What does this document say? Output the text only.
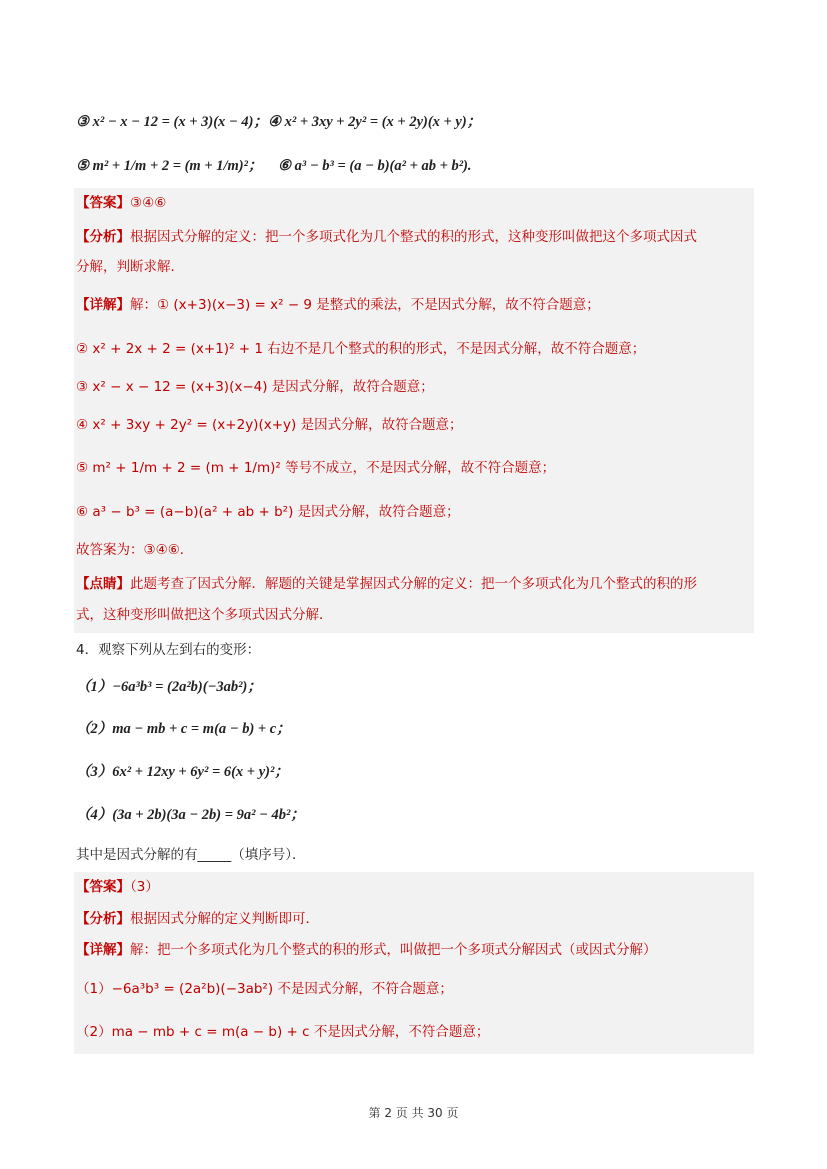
③ x² − x − 12 = (x + 3)(x − 4)； ④ x² + 3xy + 2y² = (x + 2y)(x + y)；
⑤ m² + 1/m + 2 = (m + 1/m)²； ⑥ a³ − b³ = (a − b)(a² + ab + b²).
【答案】③④⑥
【分析】根据因式分解的定义：把一个多项式化为几个整式的积的形式，这种变形叫做把这个多项式因式
分解，判断求解．
【详解】解：① (x+3)(x−3) = x² − 9 是整式的乘法，不是因式分解，故不符合题意；
② x² + 2x + 2 = (x+1)² + 1 右边不是几个整式的积的形式，不是因式分解，故不符合题意；
③ x² − x − 12 = (x+3)(x−4) 是因式分解，故符合题意；
④ x² + 3xy + 2y² = (x+2y)(x+y) 是因式分解，故符合题意；
⑤ m² + 1/m + 2 = (m + 1/m)² 等号不成立，不是因式分解，故不符合题意；
⑥ a³ − b³ = (a−b)(a² + ab + b²) 是因式分解，故符合题意；
故答案为：③④⑥．
【点睛】此题考查了因式分解．解题的关键是掌握因式分解的定义：把一个多项式化为几个整式的积的形
式，这种变形叫做把这个多项式因式分解．
4．观察下列从左到右的变形：
（1）−6a³b³ = (2a²b)(−3ab²)；
（2）ma − mb + c = m(a − b) + c；
（3）6x² + 12xy + 6y² = 6(x + y)²；
（4）(3a + 2b)(3a − 2b) = 9a² − 4b²；
其中是因式分解的有_____（填序号）．
【答案】（3）
【分析】根据因式分解的定义判断即可．
【详解】解：把一个多项式化为几个整式的积的形式，叫做把一个多项式分解因式（或因式分解）
（1）−6a³b³ = (2a²b)(−3ab²) 不是因式分解，不符合题意；
（2）ma − mb + c = m(a − b) + c 不是因式分解，不符合题意；
第 2 页 共 30 页
